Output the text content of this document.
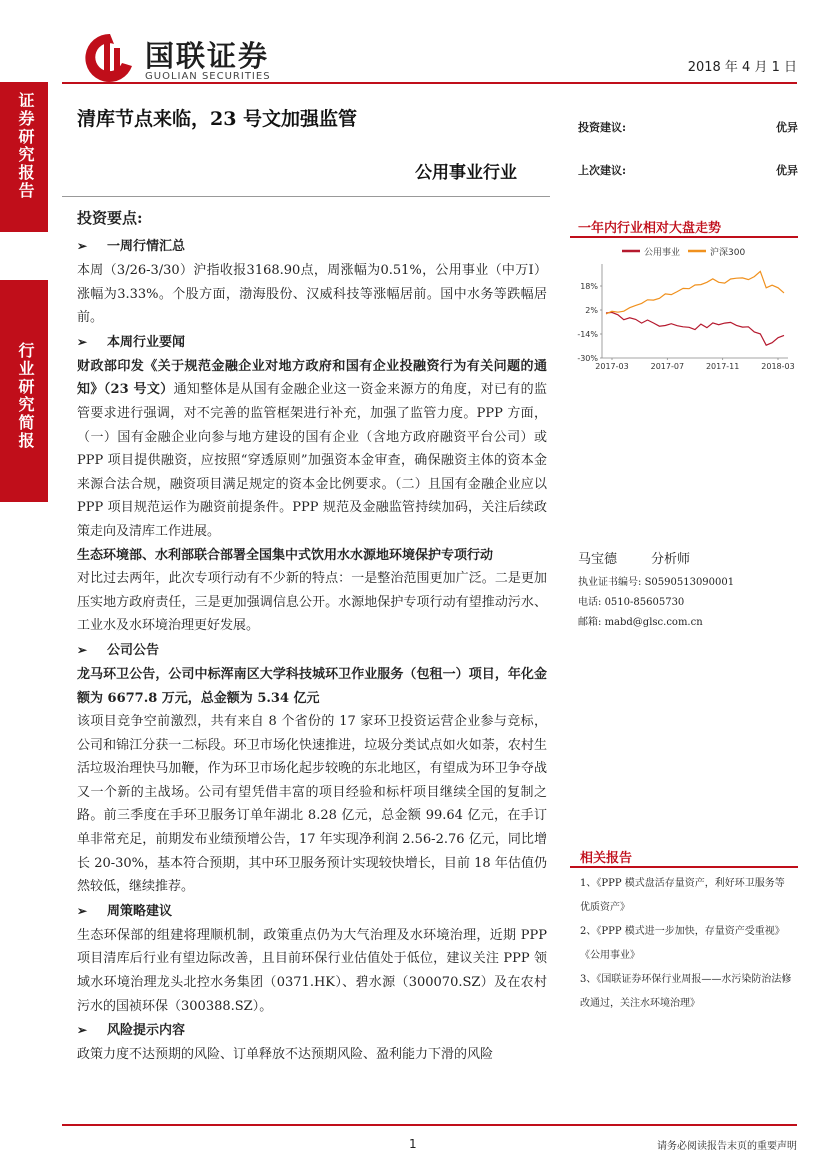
证券研究报告
行业研究简报
国联证券
GUOLIAN SECURITIES
2018 年 4 月 1 日
清库节点来临，23 号文加强监管
公用事业行业
投资建议:	优异
上次建议:	优异
投资要点:
➢	一周行情汇总

本周（3/26-3/30）沪指收报3168.90点，周涨幅为0.51%，公用事业（中万Ⅰ）涨幅为3.33%。个股方面，渤海股份、汉威科技等涨幅居前。国中水务等跌幅居前。

➢	本周行业要闻

财政部印发《关于规范金融企业对地方政府和国有企业投融资行为有关问题的通知》（23 号文）通知整体是从国有金融企业这一资金来源方的角度，对已有的监管要求进行强调，对不完善的监管框架进行补充，加强了监管力度。PPP 方面，（一）国有金融企业向参与地方建设的国有企业（含地方政府融资平台公司）或 PPP 项目提供融资，应按照“穿透原则”加强资本金审查，确保融资主体的资本金来源合法合规，融资项目满足规定的资本金比例要求。（二）且国有金融企业应以 PPP 项目规范运作为融资前提条件。PPP 规范及金融监管持续加码，关注后续政策走向及清库工作进展。

生态环境部、水利部联合部署全国集中式饮用水水源地环境保护专项行动

对比过去两年，此次专项行动有不少新的特点：一是整治范围更加广泛。二是更加压实地方政府责任，三是更加强调信息公开。水源地保护专项行动有望推动污水、工业水及水环境治理更好发展。

➢	公司公告

龙马环卫公告，公司中标浑南区大学科技城环卫作业服务（包租一）项目，年化金额为 6677.8 万元，总金额为 5.34 亿元

该项目竞争空前激烈，共有来自 8 个省份的 17 家环卫投资运营企业参与竞标，公司和锦江分获一二标段。环卫市场化快速推进，垃圾分类试点如火如荼，农村生活垃圾治理快马加鞭，作为环卫市场化起步较晚的东北地区，有望成为环卫争夺战又一个新的主战场。公司有望凭借丰富的项目经验和标杆项目继续全国的复制之路。前三季度在手环卫服务订单年湖北 8.28 亿元，总金额 99.64 亿元，在手订单非常充足，前期发布业绩预增公告，17 年实现净利润 2.56-2.76 亿元，同比增长 20-30%，基本符合预期，其中环卫服务预计实现较快增长，目前 18 年估值仍然较低，继续推荐。

➢	周策略建议

生态环保部的组建将理顺机制，政策重点仍为大气治理及水环境治理，近期 PPP 项目清库后行业有望边际改善，且目前环保行业估值处于低位，建议关注 PPP 领域水环境治理龙头北控水务集团（0371.HK）、碧水源（300070.SZ）及在农村污水的国祯环保（300388.SZ）。

➢	风险提示内容

政策力度不达预期的风险、订单释放不达预期风险、盈利能力下滑的风险

一年内行业相对大盘走势
公用事业	沪深300
18%
2%
-14%
-30%
2017-03	2017-07	2017-11	2018-03
马宝德	分析师
执业证书编号: S0590513090001
电话: 0510-85605730
邮箱: mabd@glsc.com.cn
相关报告
1、《PPP 模式盘活存量资产，利好环卫服务等优质资产》
2、《PPP 模式进一步加快，存量资产受重视》《公用事业》
3、《国联证券环保行业周报——水污染防治法修改通过，关注水环境治理》
1	请务必阅读报告末页的重要声明
